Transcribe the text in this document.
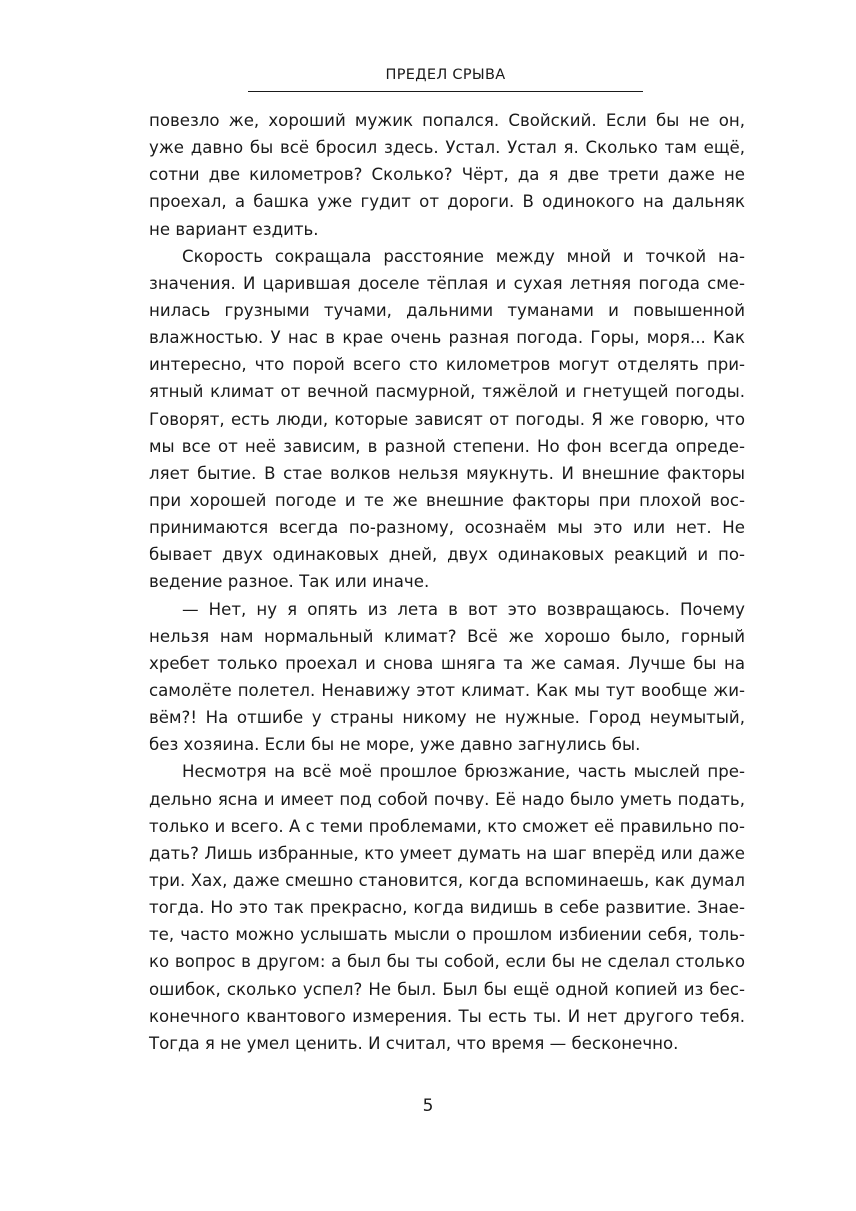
ПРЕДЕЛ СРЫВА
повезло же, хороший мужик попался. Свойский. Если бы не он,
уже давно бы всё бросил здесь. Устал. Устал я. Сколько там ещё,
сотни две километров? Сколько? Чёрт, да я две трети даже не
проехал, а башка уже гудит от дороги. В одинокого на дальняк
не вариант ездить.
Скорость сокращала расстояние между мной и точкой на-
значения. И царившая доселе тёплая и сухая летняя погода сме-
нилась грузными тучами, дальними туманами и повышенной
влажностью. У нас в крае очень разная погода. Горы, моря... Как
интересно, что порой всего сто километров могут отделять при-
ятный климат от вечной пасмурной, тяжёлой и гнетущей погоды.
Говорят, есть люди, которые зависят от погоды. Я же говорю, что
мы все от неё зависим, в разной степени. Но фон всегда опреде-
ляет бытие. В стае волков нельзя мяукнуть. И внешние факторы
при хорошей погоде и те же внешние факторы при плохой вос-
принимаются всегда по-разному, осознаём мы это или нет. Не
бывает двух одинаковых дней, двух одинаковых реакций и по-
ведение разное. Так или иначе.
— Нет, ну я опять из лета в вот это возвращаюсь. Почему
нельзя нам нормальный климат? Всё же хорошо было, горный
хребет только проехал и снова шняга та же самая. Лучше бы на
самолёте полетел. Ненавижу этот климат. Как мы тут вообще жи-
вём?! На отшибе у страны никому не нужные. Город неумытый,
без хозяина. Если бы не море, уже давно загнулись бы.
Несмотря на всё моё прошлое брюзжание, часть мыслей пре-
дельно ясна и имеет под собой почву. Её надо было уметь подать,
только и всего. А с теми проблемами, кто сможет её правильно по-
дать? Лишь избранные, кто умеет думать на шаг вперёд или даже
три. Хах, даже смешно становится, когда вспоминаешь, как думал
тогда. Но это так прекрасно, когда видишь в себе развитие. Знае-
те, часто можно услышать мысли о прошлом избиении себя, толь-
ко вопрос в другом: а был бы ты собой, если бы не сделал столько
ошибок, сколько успел? Не был. Был бы ещё одной копией из бес-
конечного квантового измерения. Ты есть ты. И нет другого тебя.
Тогда я не умел ценить. И считал, что время — бесконечно.
5
